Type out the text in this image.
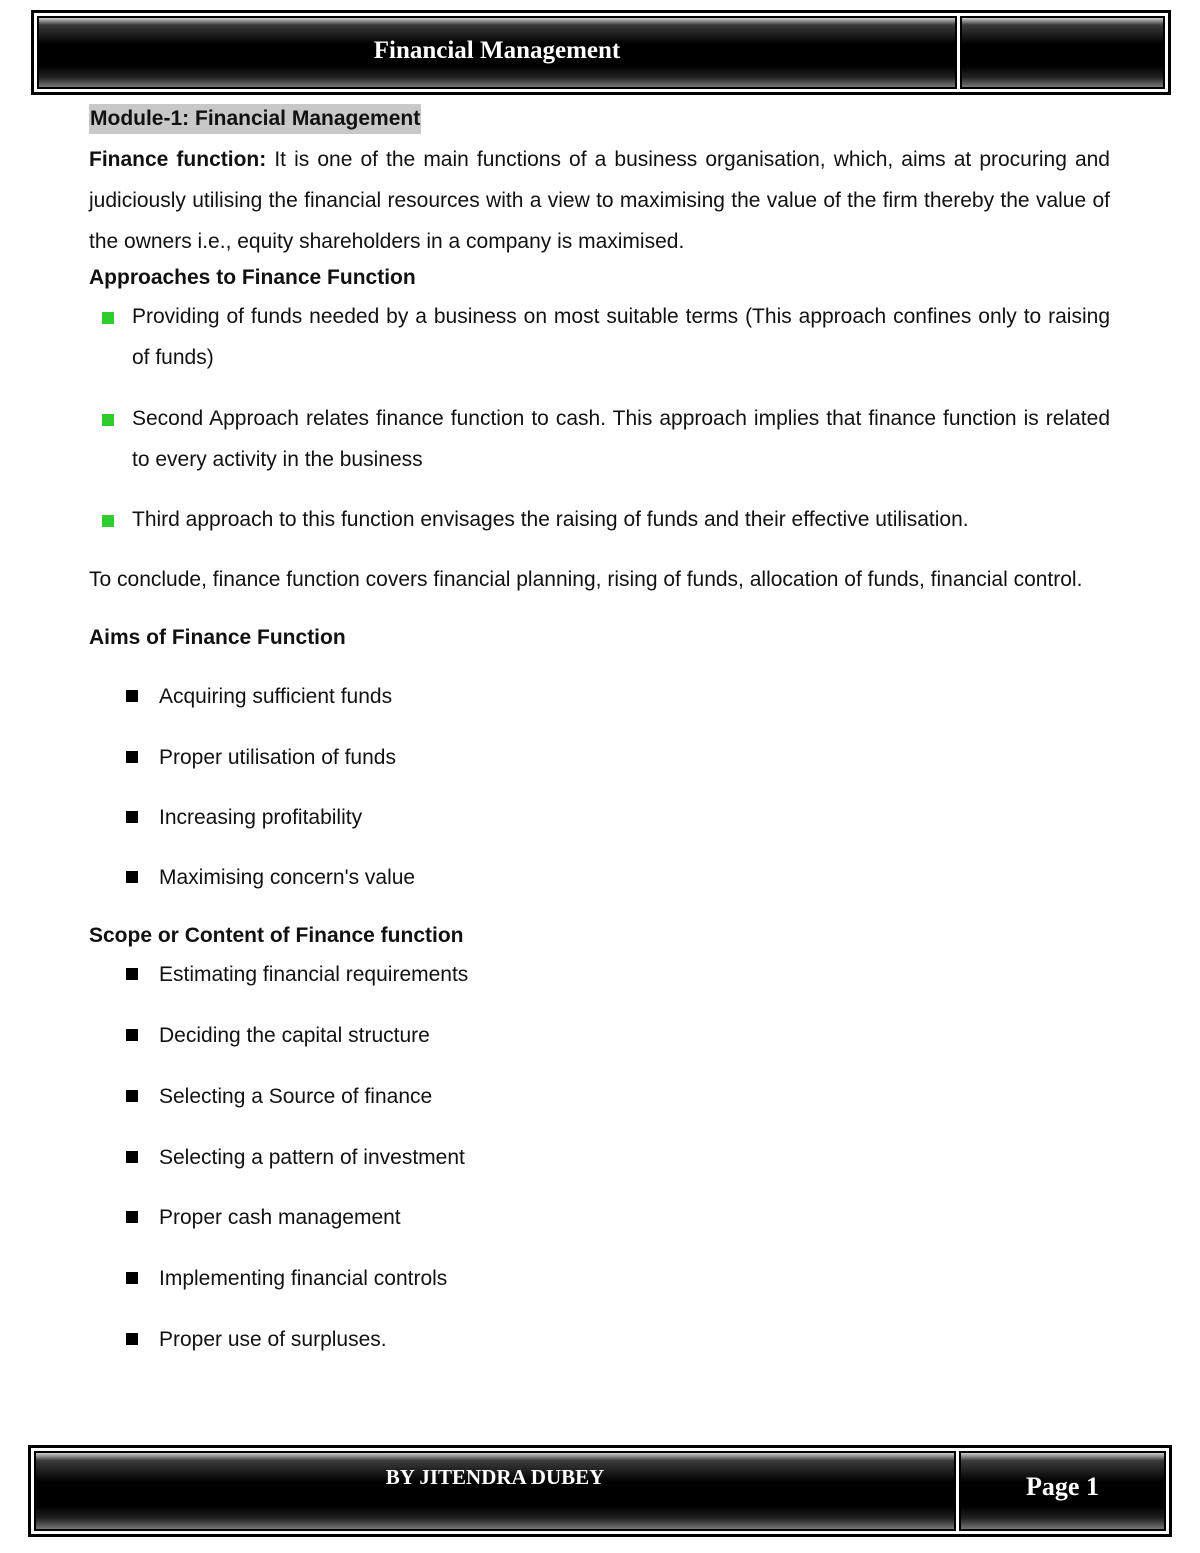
Financial Management
Module-1: Financial Management

Finance function: It is one of the main functions of a business organisation, which, aims at procuring and judiciously utilising the financial resources with a view to maximising the value of the firm thereby the value of the owners i.e., equity shareholders in a company is maximised.

Approaches to Finance Function
Providing of funds needed by a business on most suitable terms (This approach confines only to raising of funds)
Second Approach relates finance function to cash. This approach implies that finance function is related to every activity in the business
Third approach to this function envisages the raising of funds and their effective utilisation.

To conclude, finance function covers financial planning, rising of funds, allocation of funds, financial control.

Aims of Finance Function
Acquiring sufficient funds
Proper utilisation of funds
Increasing profitability
Maximising concern's value
Scope or Content of Finance function
Estimating financial requirements
Deciding the capital structure
Selecting a Source of finance
Selecting a pattern of investment
Proper cash management
Implementing financial controls
Proper use of surpluses.
BY JITENDRA DUBEY	Page 1
